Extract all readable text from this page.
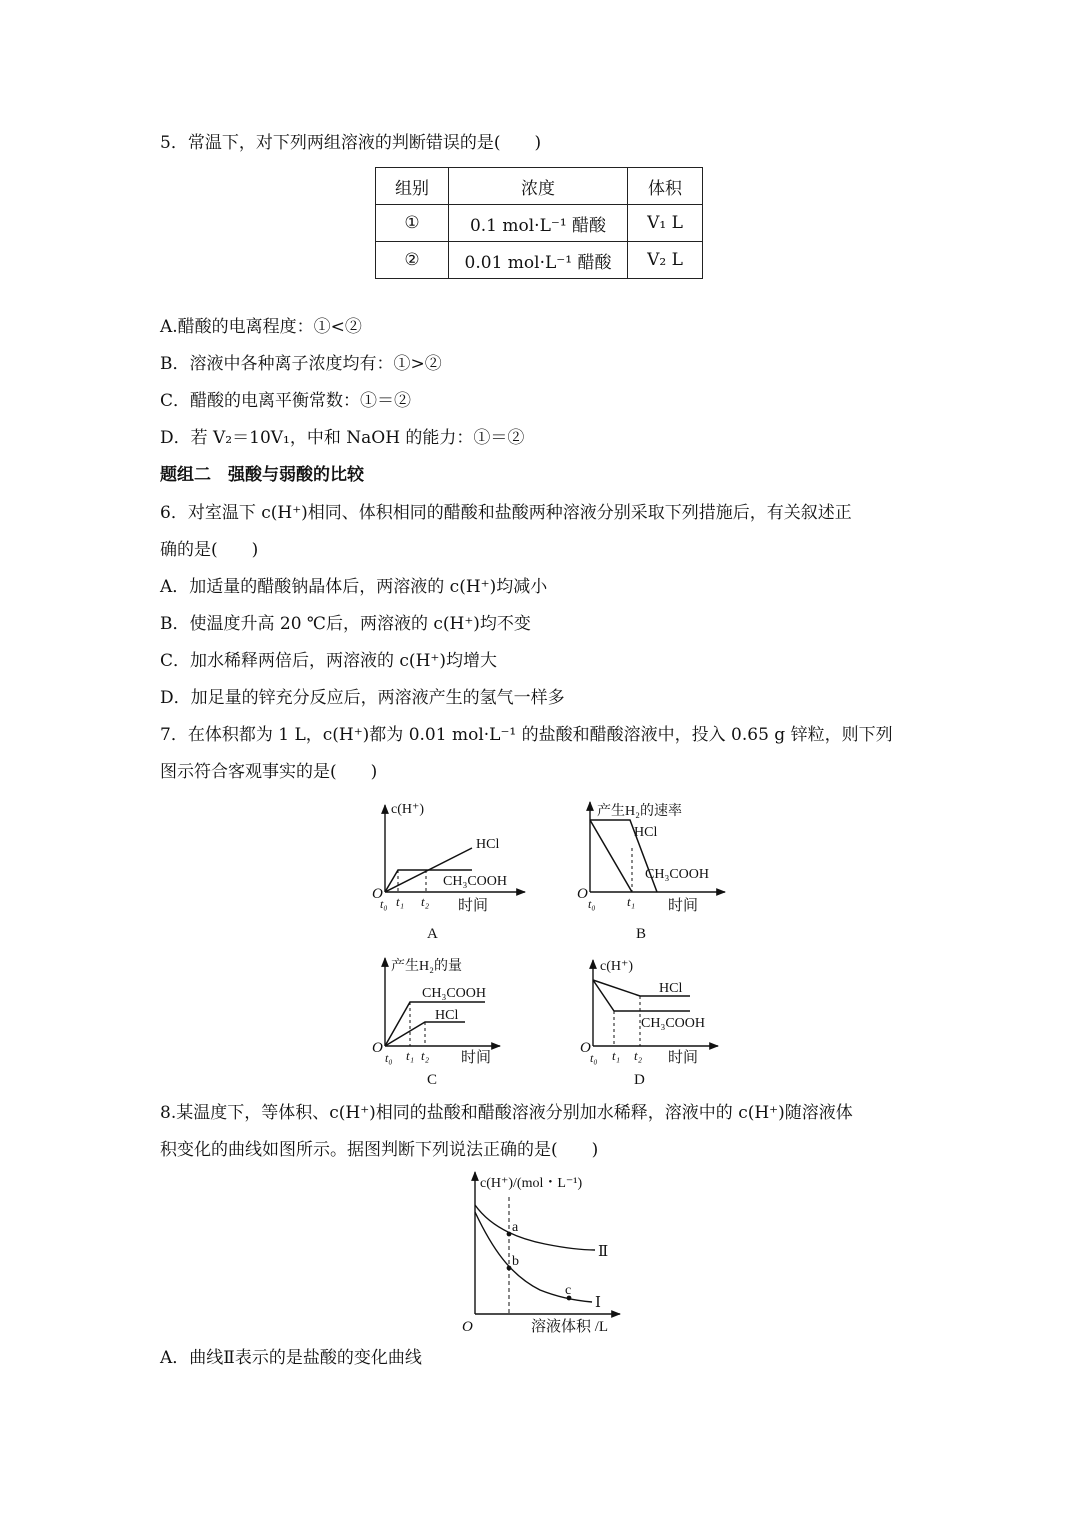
5．常温下，对下列两组溶液的判断错误的是(　　)
组别	浓度	体积
①	0.1 mol·L⁻¹ 醋酸	V₁ L
②	0.01 mol·L⁻¹ 醋酸	V₂ L
A.醋酸的电离程度：①<②
B．溶液中各种离子浓度均有：①>②
C．醋酸的电离平衡常数：①＝②
D．若 V₂＝10V₁，中和 NaOH 的能力：①＝②
题组二　强酸与弱酸的比较
6．对室温下 c(H⁺)相同、体积相同的醋酸和盐酸两种溶液分别采取下列措施后，有关叙述正
确的是(　　)
A．加适量的醋酸钠晶体后，两溶液的 c(H⁺)均减小
B．使温度升高 20 ℃后，两溶液的 c(H⁺)均不变
C．加水稀释两倍后，两溶液的 c(H⁺)均增大
D．加足量的锌充分反应后，两溶液产生的氢气一样多
7．在体积都为 1 L，c(H⁺)都为 0.01 mol·L⁻¹ 的盐酸和醋酸溶液中，投入 0.65 g 锌粒，则下列
图示符合客观事实的是(　　)
c(H⁺)
O
t₀ t₁ t₂ 时间
HCl
CH₃COOH
A
产生H₂的速率
O
t₀ t₁ 时间
HCl
CH₃COOH
B
产生H₂的量
O
t₀ t₁ t₂ 时间
CH₃COOH
HCl
C
c(H⁺)
O
t₀ t₁ t₂ 时间
HCl
CH₃COOH
D
c(H⁺)/(mol・L⁻¹)
O	溶液体积 /L
a
b
c
Ⅱ
Ⅰ
8.某温度下，等体积、c(H⁺)相同的盐酸和醋酸溶液分别加水稀释，溶液中的 c(H⁺)随溶液体
积变化的曲线如图所示。据图判断下列说法正确的是(　　)
A．曲线Ⅱ表示的是盐酸的变化曲线
